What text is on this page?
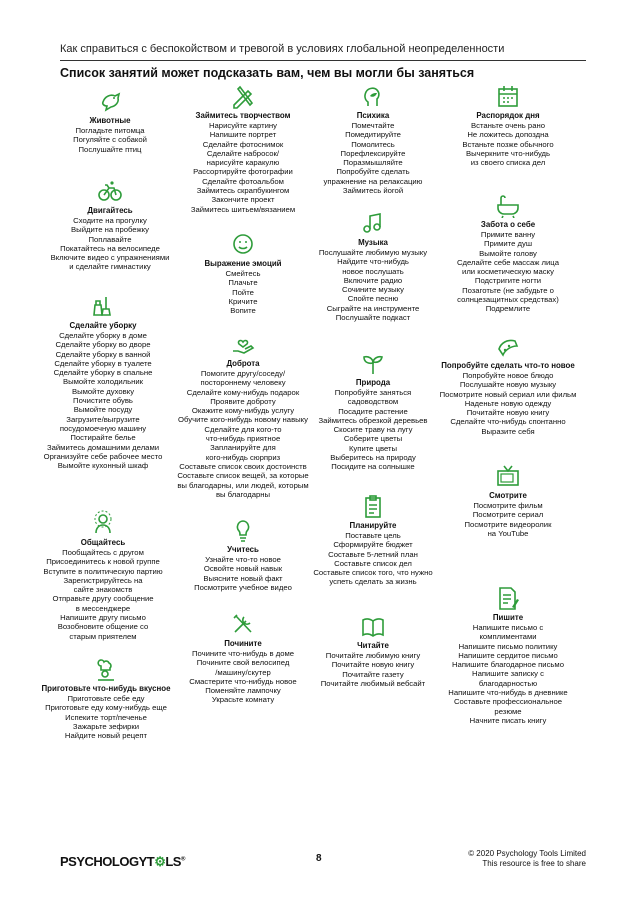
Как справиться с беспокойством и тревогой в условиях глобальной неопределенности
Список занятий может подсказать вам, чем вы могли бы заняться
Животные
Погладьте питомца
Погуляйте с собакой
Послушайте птиц
Двигайтесь
Сходите на прогулку
Выйдите на пробежку
Поплавайте
Покатайтесь на велосипеде
Включите видео с упражнениями
и сделайте гимнастику
Сделайте уборку
Сделайте уборку в доме
Сделайте уборку во дворе
Сделайте уборку в ванной
Сделайте уборку в туалете
Сделайте уборку в спальне
Вымойте холодильник
Вымойте духовку
Почистите обувь
Вымойте посуду
Загрузите/выгрузите
посудомоечную машину
Постирайте белье
Займитесь домашними делами
Организуйте себе рабочее место
Вымойте кухонный шкаф
Общайтесь
Пообщайтесь с другом
Присоединитесь к новой группе
Вступите в политическую партию
Зарегистрируйтесь на
сайте знакомств
Отправьте другу сообщение
в мессенджере
Напишите другу письмо
Возобновите общение со
старым приятелем
Приготовьте что-нибудь вкусное
Приготовьте себе еду
Приготовьте еду кому-нибудь еще
Испеките торт/печенье
Зажарьте зефирки
Найдите новый рецепт
Займитесь творчеством
Нарисуйте картину
Напишите портрет
Сделайте фотоснимок
Сделайте набросок/
нарисуйте каракулю
Рассортируйте фотографии
Сделайте фотоальбом
Займитесь скрапбукингом
Закончите проект
Займитесь шитьем/вязанием
Выражение эмоций
Смейтесь
Плачьте
Пойте
Кричите
Вопите
Доброта
Помогите другу/соседу/
постороннему человеку
Сделайте кому-нибудь подарок
Проявите доброту
Окажите кому-нибудь услугу
Обучите кого-нибудь новому навыку
Сделайте для кого-то
что-нибудь приятное
Запланируйте для
кого-нибудь сюрприз
Составьте список своих достоинств
Составьте список вещей, за которые
вы благодарны, или людей, которым
вы благодарны
Учитесь
Узнайте что-то новое
Освойте новый навык
Выясните новый факт
Посмотрите учебное видео
Почините
Почините что-нибудь в доме
Почините свой велосипед
/машину/скутер
Смастерите что-нибудь новое
Поменяйте лампочку
Украсьте комнату
Психика
Помечтайте
Помедитируйте
Помолитесь
Порефлексируйте
Поразмышляйте
Попробуйте сделать
упражнение на релаксацию
Займитесь йогой
Музыка
Послушайте любимую музыку
Найдите что-нибудь
новое послушать
Включите радио
Сочините музыку
Спойте песню
Сыграйте на инструменте
Послушайте подкаст
Природа
Попробуйте заняться
садоводством
Посадите растение
Займитесь обрезкой деревьев
Скосите траву на лугу
Соберите цветы
Купите цветы
Выберитесь на природу
Посидите на солнышке
Планируйте
Поставьте цель
Сформируйте бюджет
Составьте 5-летний план
Составьте список дел
Составьте список того, что нужно
успеть сделать за жизнь
Читайте
Почитайте любимую книгу
Почитайте новую книгу
Почитайте газету
Почитайте любимый вебсайт
Распорядок дня
Встаньте очень рано
Не ложитесь допоздна
Встаньте позже обычного
Вычеркните что-нибудь
из своего списка дел
Забота о себе
Примите ванну
Примите душ
Вымойте голову
Сделайте себе массаж лица
или косметическую маску
Подстригите ногти
Позаготьте (не забудьте о
солнцезащитных средствах)
Подремлите
Попробуйте сделать что-то новое
Попробуйте новое блюдо
Послушайте новую музыку
Посмотрите новый сериал или фильм
Наденьте новую одежду
Почитайте новую книгу
Сделайте что-нибудь спонтанно
Выразите себя
Смотрите
Посмотрите фильм
Посмотрите сериал
Посмотрите видеоролик
на YouTube
Пишите
Напишите письмо с
комплиментами
Напишите письмо политику
Напишите сердитое письмо
Напишите благодарное письмо
Напишите записку с
благодарностью
Напишите что-нибудь в дневнике
Составьте профессиональное
резюме
Начните писать книгу
PSYCHOLOGYT⚙LS®	8	© 2020 Psychology Tools Limited
This resource is free to share
